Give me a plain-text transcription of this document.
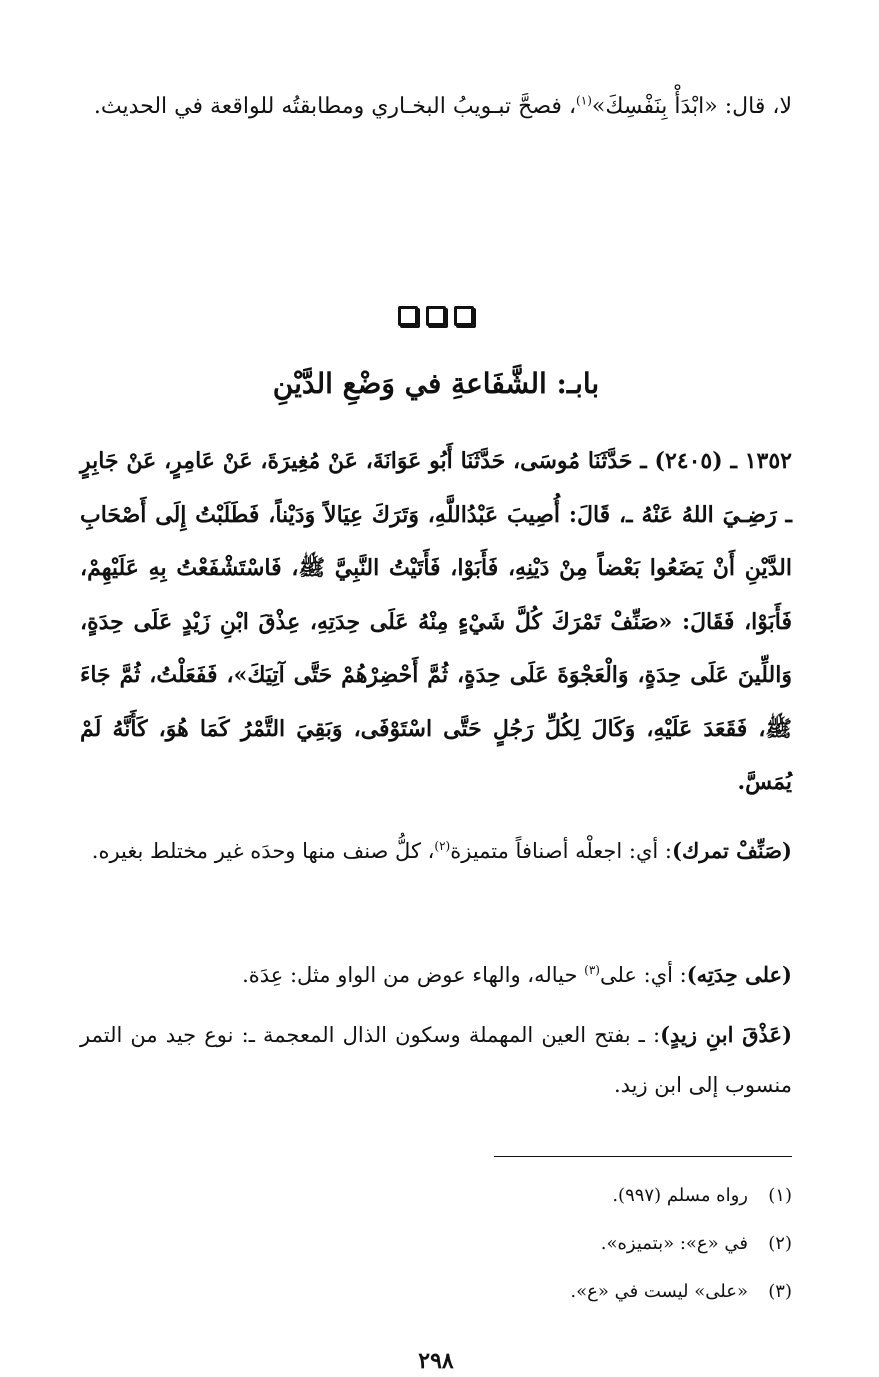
لا، قال: «ابْدَأْ بِنَفْسِكَ»$^{(١)}$، فصحَّ تبـويبُ البخـاري ومطابقتُه للواقعة في الحديث.

بابـ: الشَّفَاعةِ في وَضْعِ الدَّيْنِ

١٣٥٢ ـ (٢٤٠٥) ـ حَدَّثَنَا مُوسَى، حَدَّثَنَا أَبُو عَوَانَةَ، عَنْ مُغِيرَةَ، عَنْ عَامِرٍ، عَنْ جَابِرٍ ـ رَضِـيَ اللهُ عَنْهُ ـ، قَالَ: أُصِيبَ عَبْدُاللَّهِ، وَتَرَكَ عِيَالاً وَدَيْناً، فَطَلَبْتُ إِلَى أَصْحَابِ الدَّيْنِ أَنْ يَضَعُوا بَعْضاً مِنْ دَيْنِهِ، فَأَبَوْا، فَأَتَيْتُ النَّبِيَّ ﷺ، فَاسْتَشْفَعْتُ بِهِ عَلَيْهِمْ، فَأَبَوْا، فَقَالَ: «صَنِّفْ تَمْرَكَ كُلَّ شَيْءٍ مِنْهُ عَلَى حِدَتِهِ، عِذْقَ ابْنِ زَيْدٍ عَلَى حِدَةٍ، وَاللِّينَ عَلَى حِدَةٍ، وَالْعَجْوَةَ عَلَى حِدَةٍ، ثُمَّ أَحْضِرْهُمْ حَتَّى آتِيَكَ»، فَفَعَلْتُ، ثُمَّ جَاءَ ﷺ، فَقَعَدَ عَلَيْهِ، وَكَالَ لِكُلِّ رَجُلٍ حَتَّى اسْتَوْفَى، وَبَقِيَ التَّمْرُ كَمَا هُوَ، كَأَنَّهُ لَمْ يُمَسَّ.

(صَنِّفْ تمرك): أي: اجعلْه أصنافاً متميزة$^{(٢)}$، كلُّ صنف منها وحدَه غير مختلط بغيره.

(على حِدَتِه): أي: على$^{(٣)}$ حياله، والهاء عوض من الواو مثل: عِدَة.

(عَذْقَ ابنِ زيدٍ): ـ بفتح العين المهملة وسكون الذال المعجمة ـ: نوع جيد من التمر منسوب إلى ابن زيد.

(١)رواه مسلم (٩٩٧).
(٢)في «ع»: «بتميزه».
(٣)«على» ليست في «ع».
٢٩٨
